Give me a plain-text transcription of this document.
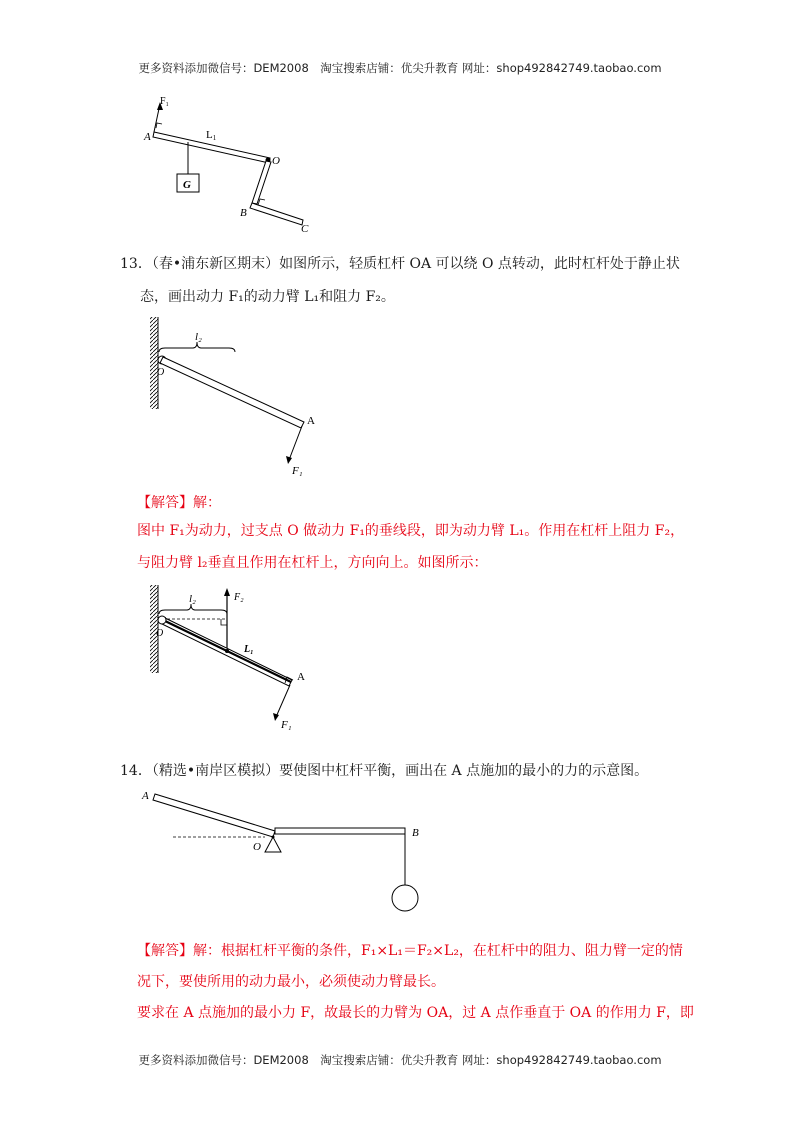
更多资料添加微信号：DEM2008　淘宝搜索店铺：优尖升教育 网址：shop492842749.taobao.com
$F_1$
A	L1
G
O
B
C
13．（春•浦东新区期末）如图所示，轻质杠杆 OA 可以绕 O 点转动，此时杠杆处于静止状
态，画出动力 F₁的动力臂 L₁和阻力 F₂。
l₂
O
A
F₁
【解答】解：
图中 F₁为动力，过支点 O 做动力 F₁的垂线段，即为动力臂 L₁。作用在杠杆上阻力 F₂，
与阻力臂 l₂垂直且作用在杠杆上，方向向上。如图所示：
l₂	F₂
L₁
O
A
F₁
14．（精选•南岸区模拟）要使图中杠杆平衡，画出在 A 点施加的最小的力的示意图。
A
B
O
【解答】解：根据杠杆平衡的条件，F₁×L₁＝F₂×L₂，在杠杆中的阻力、阻力臂一定的情
况下，要使所用的动力最小，必须使动力臂最长。
要求在 A 点施加的最小力 F，故最长的力臂为 OA，过 A 点作垂直于 OA 的作用力 F，即
更多资料添加微信号：DEM2008　淘宝搜索店铺：优尖升教育 网址：shop492842749.taobao.com
